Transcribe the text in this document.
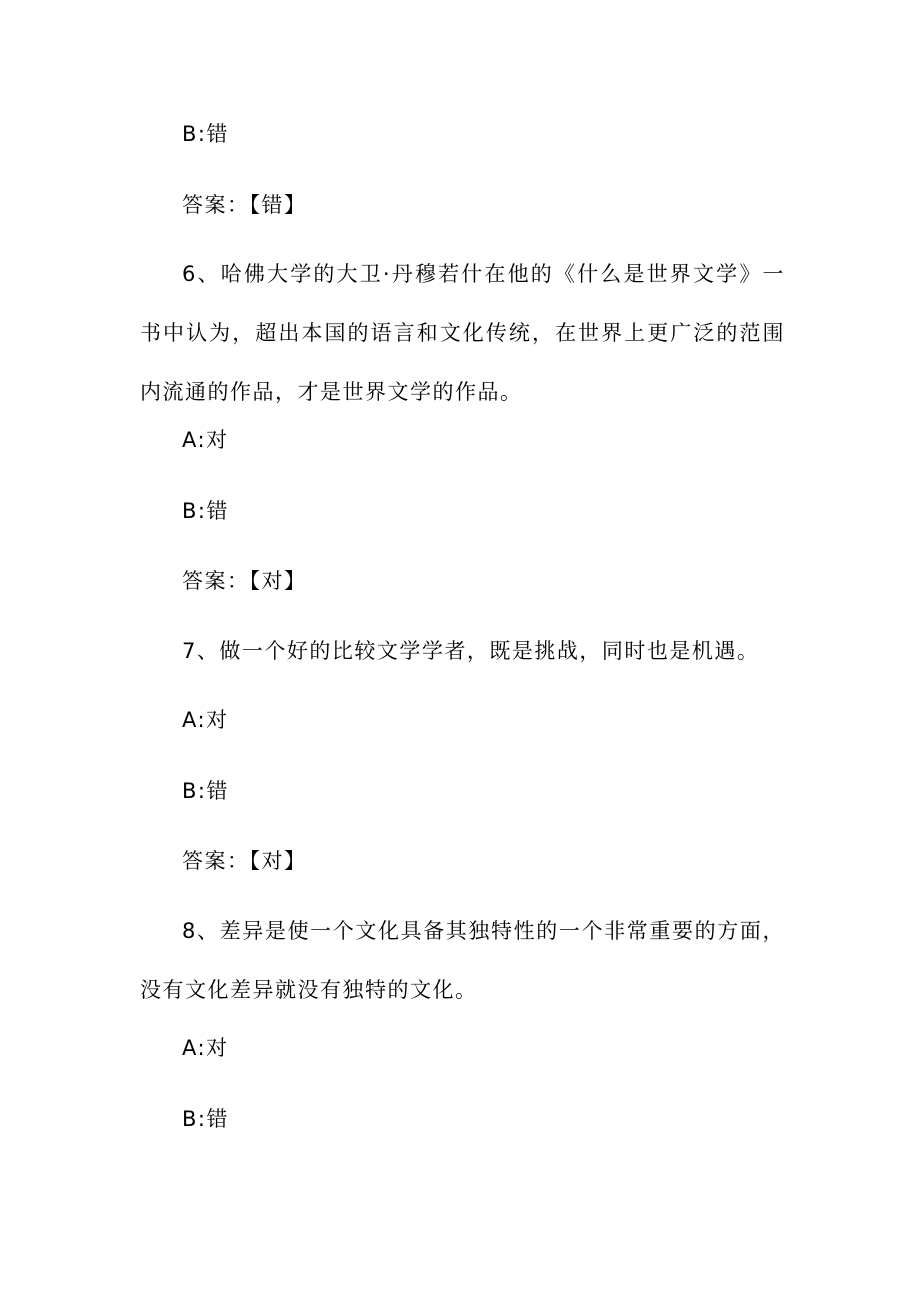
B:错
答案：【错】
6、哈佛大学的大卫·丹穆若什在他的《什么是世界文学》一书中认为，超出本国的语言和文化传统，在世界上更广泛的范围内流通的作品，才是世界文学的作品。
A:对
B:错
答案：【对】
7、做一个好的比较文学学者，既是挑战，同时也是机遇。
A:对
B:错
答案：【对】
8、差异是使一个文化具备其独特性的一个非常重要的方面，没有文化差异就没有独特的文化。
A:对
B:错
